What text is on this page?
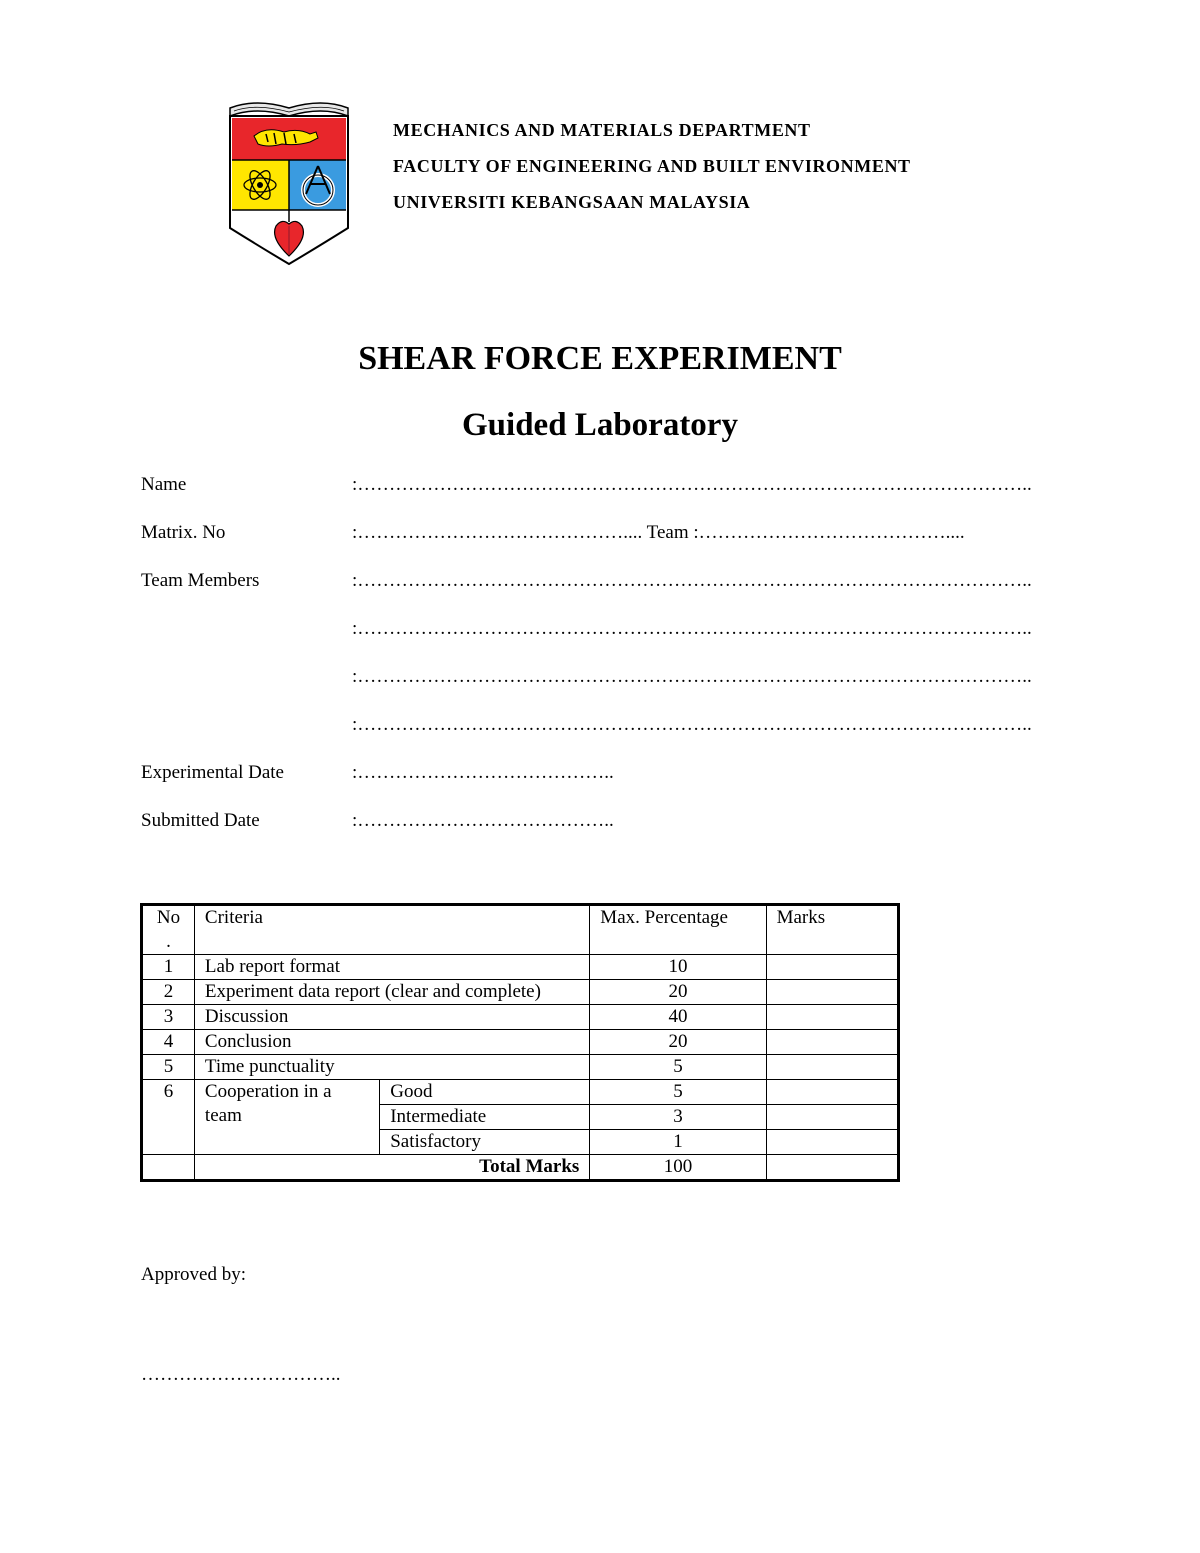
MECHANICS AND MATERIALS DEPARTMENT
FACULTY OF ENGINEERING AND BUILT ENVIRONMENT
UNIVERSITI KEBANGSAAN MALAYSIA
SHEAR FORCE EXPERIMENT
Guided Laboratory
Name	:……………………………………………………………………………………………..
Matrix. No	:…………………………………….... Team :…………………………………....
Team Members	:……………………………………………………………………………………………..
:……………………………………………………………………………………………..
:……………………………………………………………………………………………..
:……………………………………………………………………………………………..
Experimental Date	:…………………………………..
Submitted Date	:…………………………………..
No .	Criteria		Max. Percentage	Marks
1	Lab report format		10	
2	Experiment data report (clear and complete)		20	
3	Discussion		40	
4	Conclusion		20	
5	Time punctuality		5	
6	Cooperation in a team	Good	5	
		Intermediate	3	
		Satisfactory	1	
	Total Marks		100	
Approved by:
…………………………..
